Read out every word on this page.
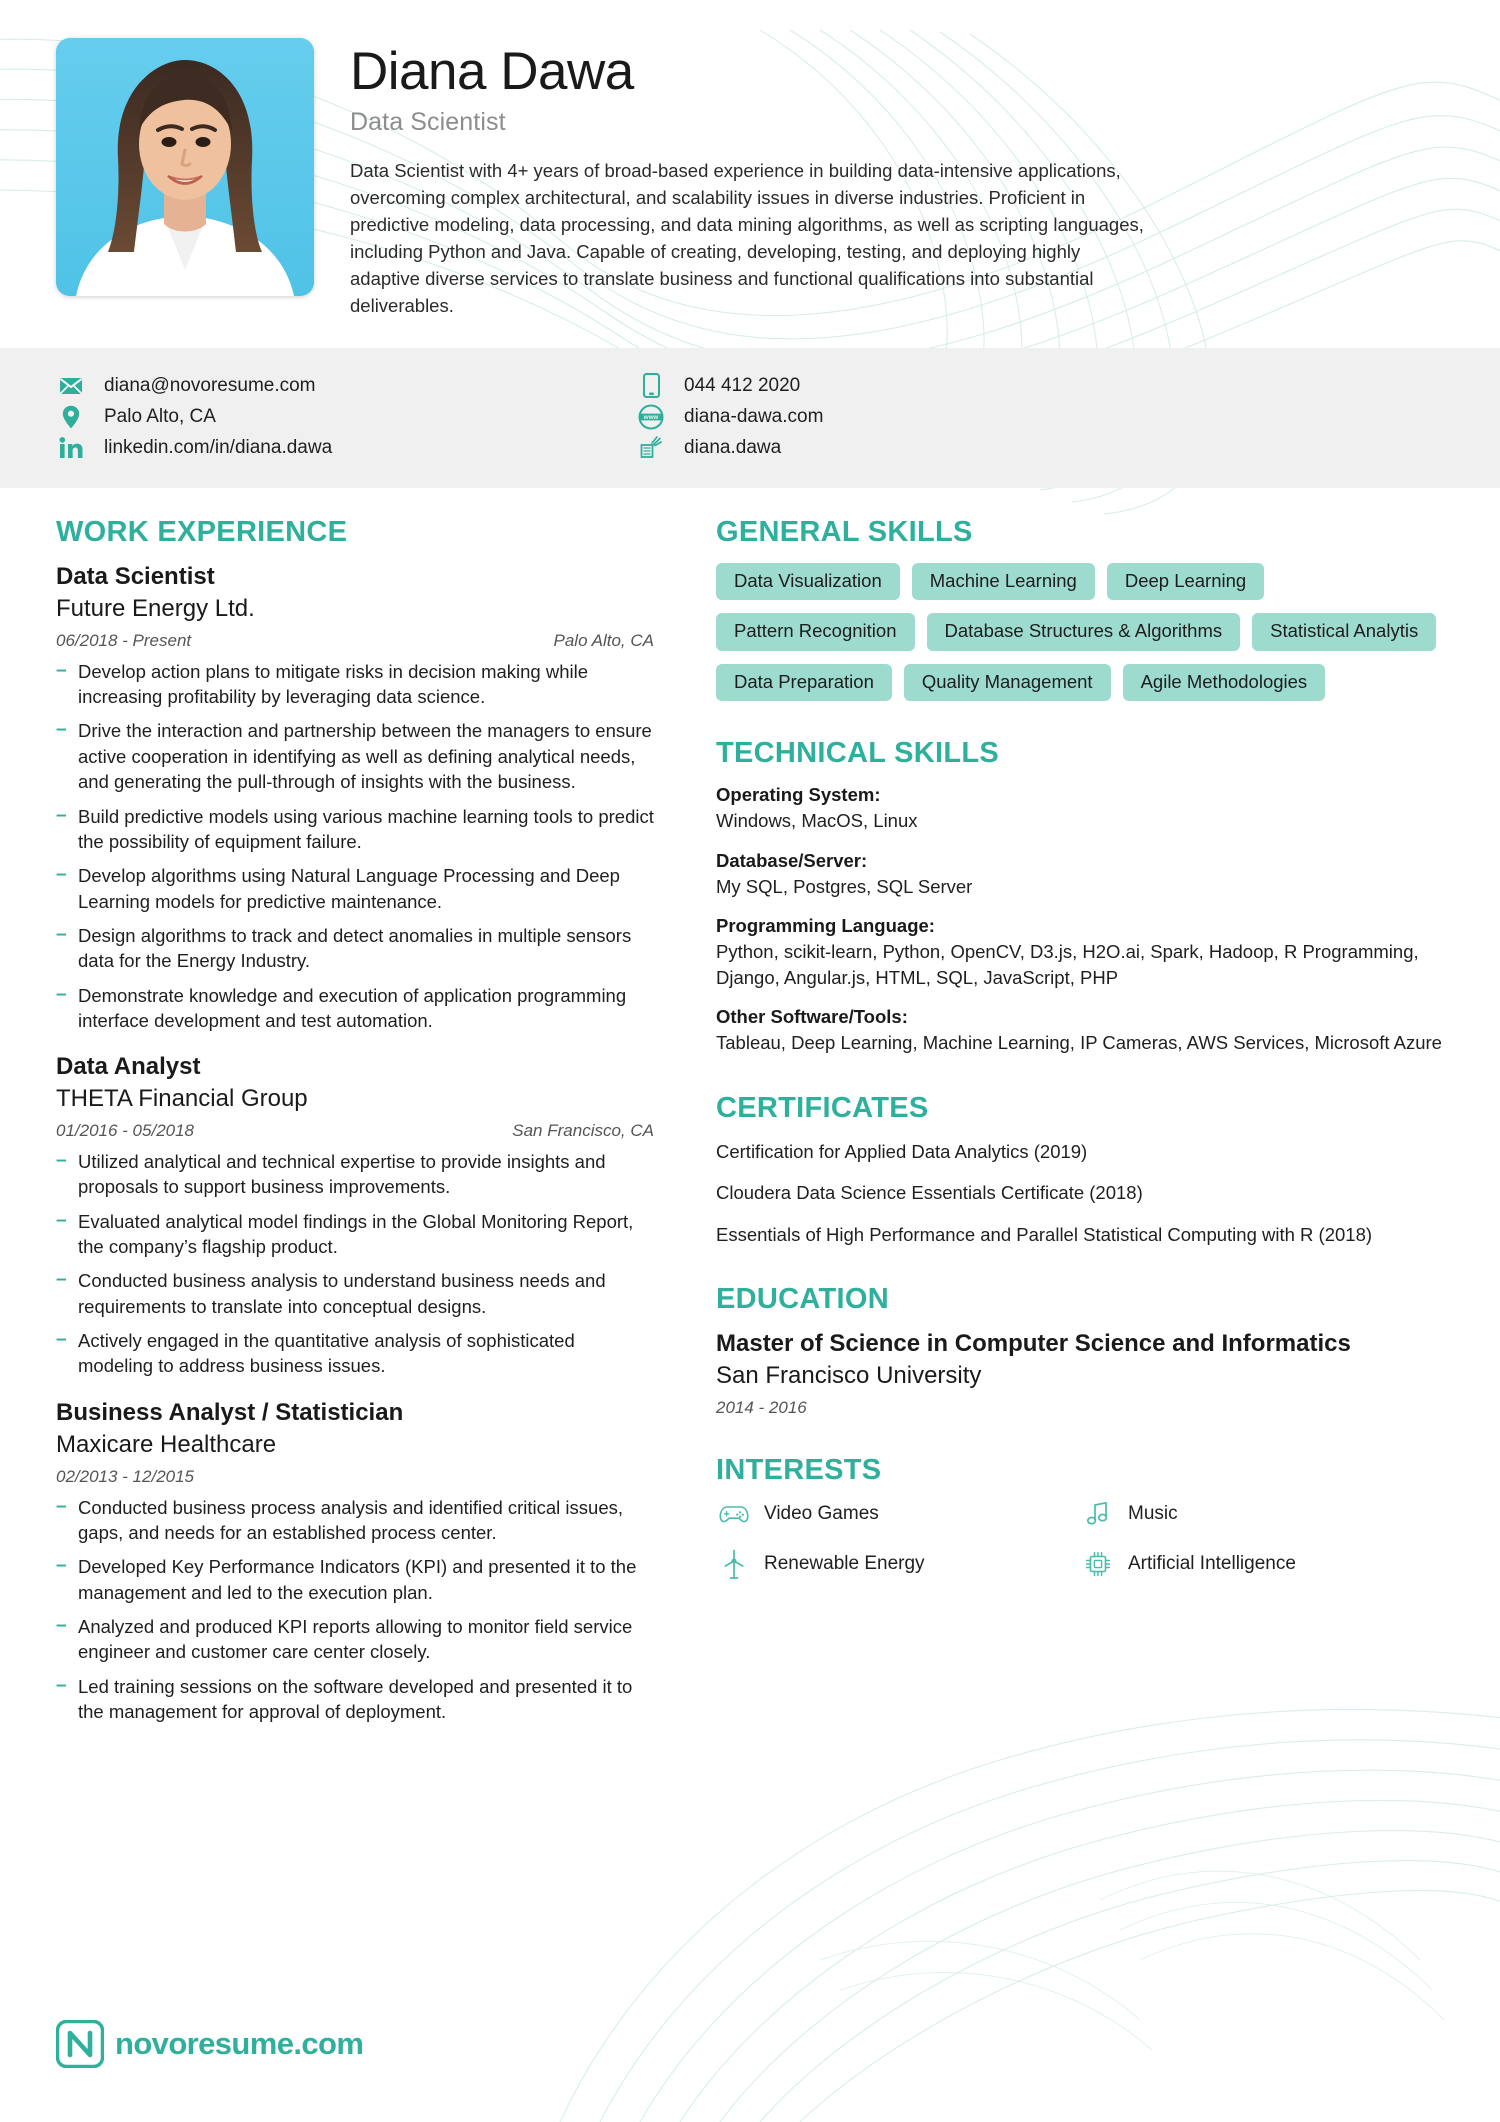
Diana Dawa
Data Scientist
Data Scientist with 4+ years of broad-based experience in building data-intensive applications, overcoming complex architectural, and scalability issues in diverse industries. Proficient in predictive modeling, data processing, and data mining algorithms, as well as scripting languages, including Python and Java. Capable of creating, developing, testing, and deploying highly adaptive diverse services to translate business and functional qualifications into substantial deliverables.
diana@novoresume.com
Palo Alto, CA
linkedin.com/in/diana.dawa
044 412 2020
www diana-dawa.com
diana.dawa
WORK EXPERIENCE
Data Scientist
Future Energy Ltd.
06/2018 - Present	Palo Alto, CA
– Develop action plans to mitigate risks in decision making while increasing profitability by leveraging data science.
– Drive the interaction and partnership between the managers to ensure active cooperation in identifying as well as defining analytical needs, and generating the pull-through of insights with the business.
– Build predictive models using various machine learning tools to predict the possibility of equipment failure.
– Develop algorithms using Natural Language Processing and Deep Learning models for predictive maintenance.
– Design algorithms to track and detect anomalies in multiple sensors data for the Energy Industry.
– Demonstrate knowledge and execution of application programming interface development and test automation.
Data Analyst
THETA Financial Group
01/2016 - 05/2018	San Francisco, CA
– Utilized analytical and technical expertise to provide insights and proposals to support business improvements.
– Evaluated analytical model findings in the Global Monitoring Report, the company’s flagship product.
– Conducted business analysis to understand business needs and requirements to translate into conceptual designs.
– Actively engaged in the quantitative analysis of sophisticated modeling to address business issues.
Business Analyst / Statistician
Maxicare Healthcare
02/2013 - 12/2015
– Conducted business process analysis and identified critical issues, gaps, and needs for an established process center.
– Developed Key Performance Indicators (KPI) and presented it to the management and led to the execution plan.
– Analyzed and produced KPI reports allowing to monitor field service engineer and customer care center closely.
– Led training sessions on the software developed and presented it to the management for approval of deployment.
GENERAL SKILLS
Data Visualization	Machine Learning	Deep Learning
Pattern Recognition	Database Structures & Algorithms	Statistical Analytis
Data Preparation	Quality Management	Agile Methodologies
TECHNICAL SKILLS
Operating System:
Windows, MacOS, Linux
Database/Server:
My SQL, Postgres, SQL Server
Programming Language:
Python, scikit-learn, Python, OpenCV, D3.js, H2O.ai, Spark, Hadoop, R Programming, Django, Angular.js, HTML, SQL, JavaScript, PHP
Other Software/Tools:
Tableau, Deep Learning, Machine Learning, IP Cameras, AWS Services, Microsoft Azure
CERTIFICATES
Certification for Applied Data Analytics (2019)
Cloudera Data Science Essentials Certificate (2018)
Essentials of High Performance and Parallel Statistical Computing with R (2018)
EDUCATION
Master of Science in Computer Science and Informatics
San Francisco University
2014 - 2016
INTERESTS
Video Games	Music
Renewable Energy	Artificial Intelligence
novoresume.com
